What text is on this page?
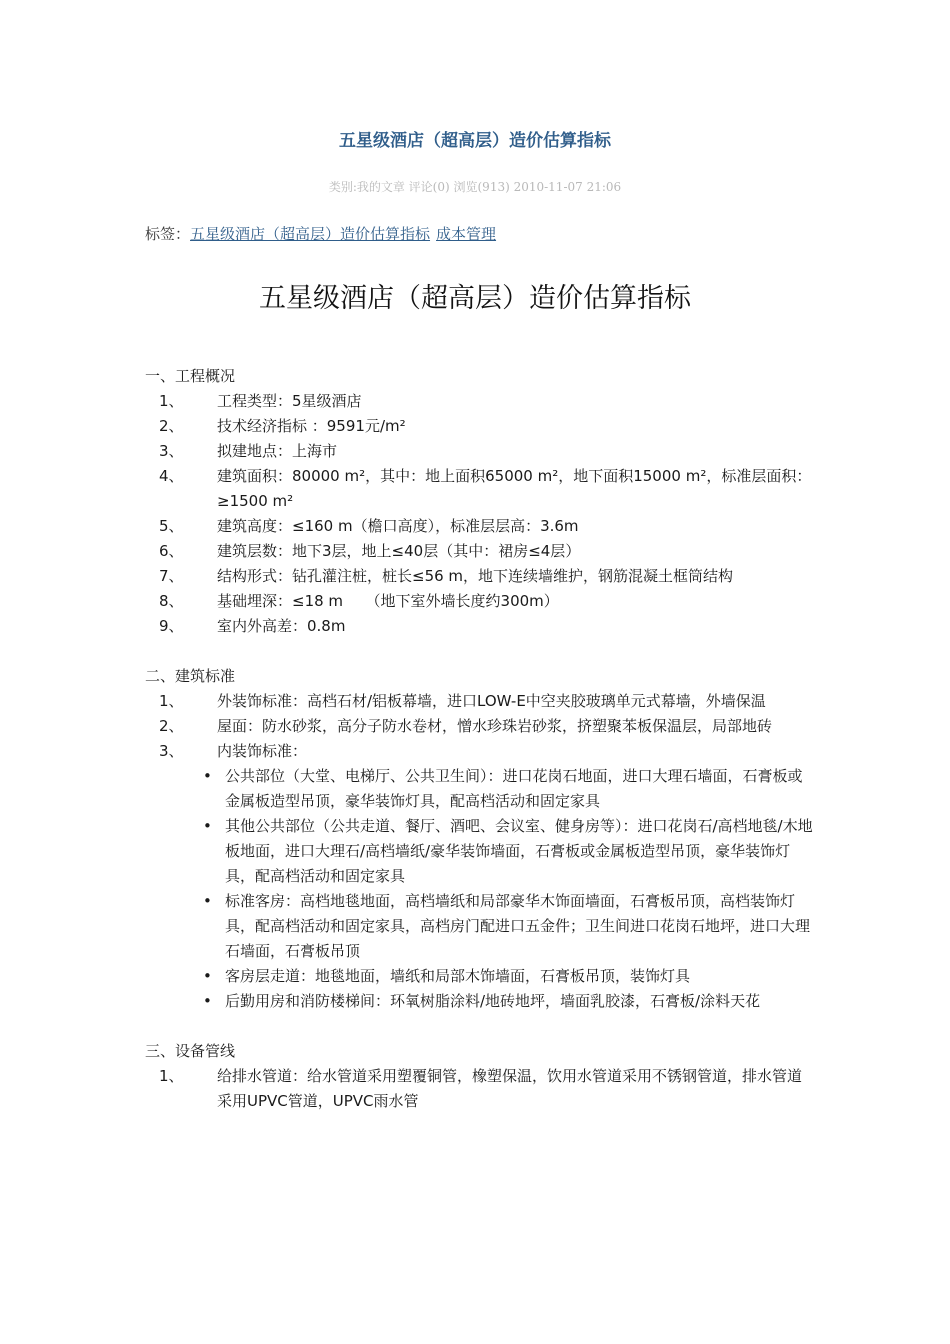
五星级酒店（超高层）造价估算指标
类别:我的文章 评论(0) 浏览(913) 2010-11-07 21:06
标签：五星级酒店（超高层）造价估算指标 成本管理
五星级酒店（超高层）造价估算指标

一、工程概况

1、	工程类型：5星级酒店
2、	技术经济指标 ：9591元/m²
3、	拟建地点：上海市
4、	建筑面积：80000 m²，其中：地上面积65000 m²，地下面积15000 m²，标准层面积：≥1500 m²
5、	建筑高度：≤160 m（檐口高度），标准层层高：3.6m
6、	建筑层数：地下3层，地上≤40层（其中：裙房≤4层）
7、	结构形式：钻孔灌注桩，桩长≤56 m，地下连续墙维护，钢筋混凝土框筒结构
8、	基础埋深：≤18 m　　（地下室外墙长度约300m）
9、	室内外高差：0.8m

二、建筑标准

1、	外装饰标准：高档石材/铝板幕墙，进口LOW-E中空夹胶玻璃单元式幕墙，外墙保温
2、	屋面：防水砂浆，高分子防水卷材，憎水珍珠岩砂浆，挤塑聚苯板保温层，局部地砖
3、	内装饰标准：
• 公共部位（大堂、电梯厅、公共卫生间）：进口花岗石地面，进口大理石墙面，石膏板或金属板造型吊顶，豪华装饰灯具，配高档活动和固定家具
• 其他公共部位（公共走道、餐厅、酒吧、会议室、健身房等）：进口花岗石/高档地毯/木地板地面，进口大理石/高档墙纸/豪华装饰墙面，石膏板或金属板造型吊顶，豪华装饰灯具，配高档活动和固定家具
• 标准客房：高档地毯地面，高档墙纸和局部豪华木饰面墙面，石膏板吊顶，高档装饰灯具，配高档活动和固定家具，高档房门配进口五金件；卫生间进口花岗石地坪，进口大理石墙面，石膏板吊顶
• 客房层走道：地毯地面，墙纸和局部木饰墙面，石膏板吊顶，装饰灯具
• 后勤用房和消防楼梯间：环氧树脂涂料/地砖地坪，墙面乳胶漆，石膏板/涂料天花

三、设备管线

1、	给排水管道：给水管道采用塑覆铜管，橡塑保温，饮用水管道采用不锈钢管道，排水管道采用UPVC管道，UPVC雨水管
